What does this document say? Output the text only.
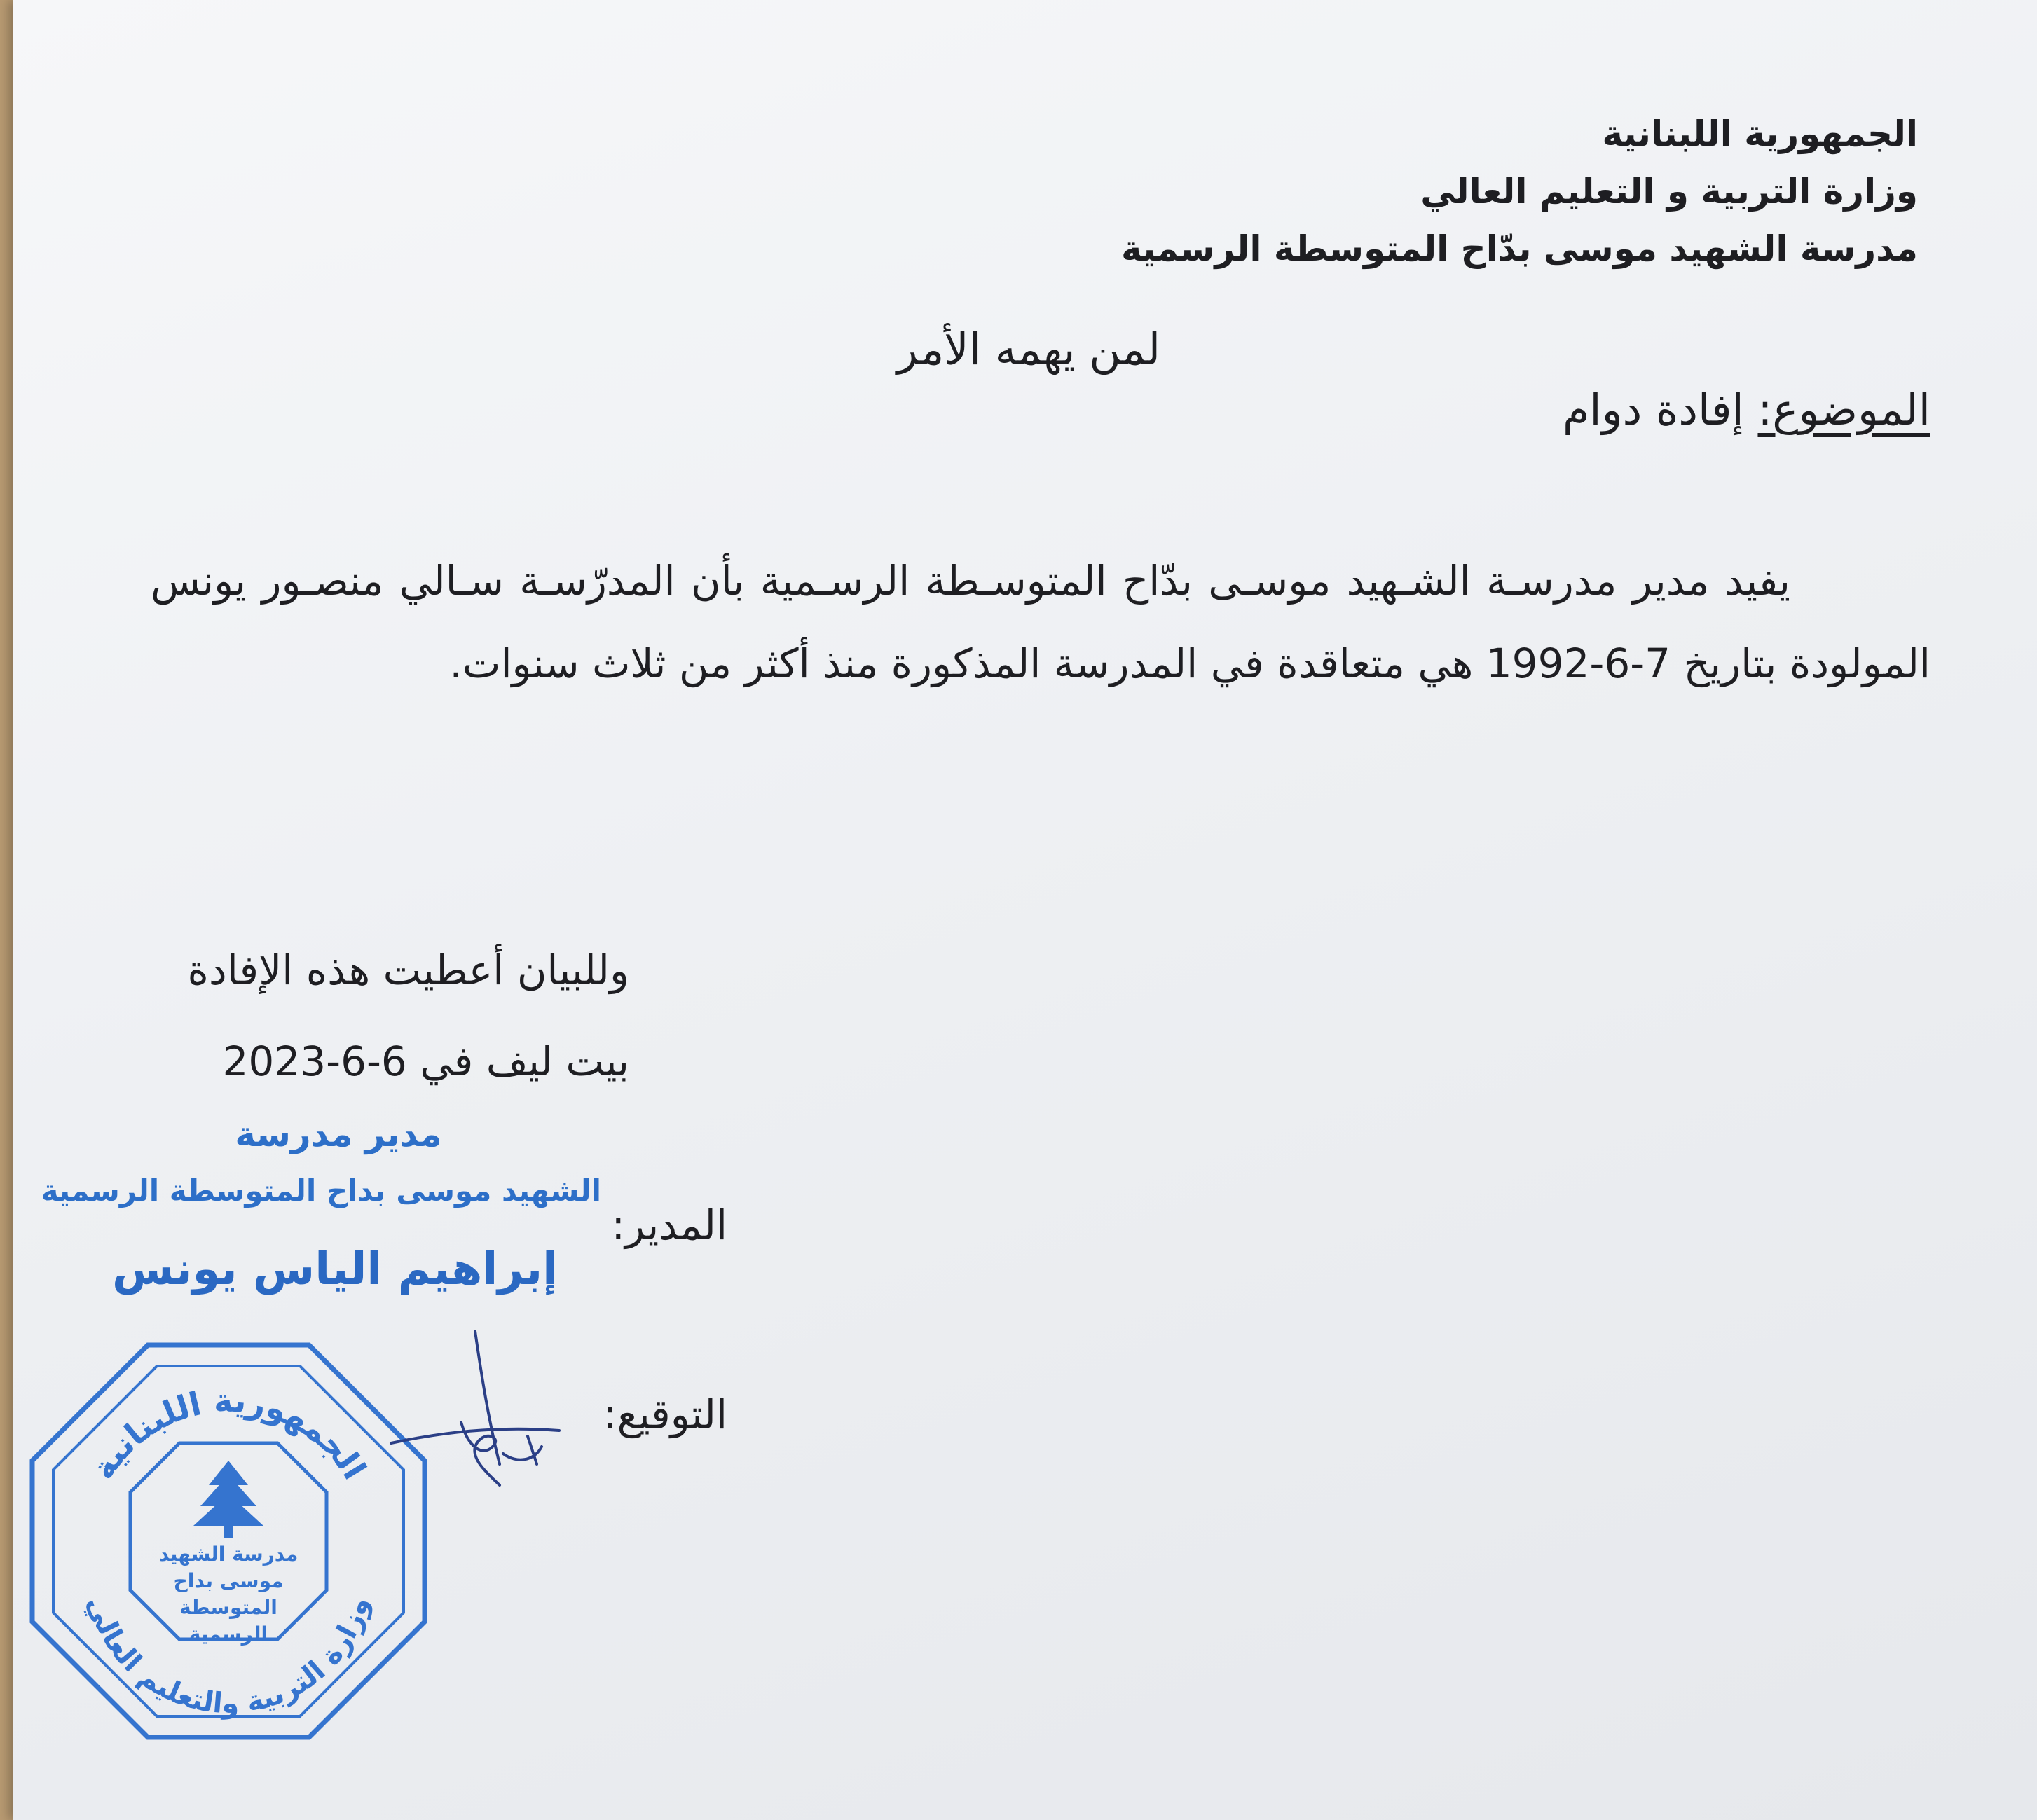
الجمهورية اللبنانية
وزارة التربية و التعليم العالي
مدرسة الشهيد موسى بدّاح المتوسطة الرسمية
لمن يهمه الأمر
الموضوع: إفادة دوام

يفيد مدير مدرسـة الشـهيد موسـى بدّاح المتوسـطة الرسـمية بأن المدرّسـة سـالي منصـور يونس المولودة بتاريخ 7-6-1992 هي متعاقدة في المدرسة المذكورة منذ أكثر من ثلاث سنوات.

وللبيان أعطيت هذه الإفادة
بيت ليف في 6-6-2023
مدير مدرسة
الشهيد موسى بداح المتوسطة الرسمية
إبراهيم الياس يونس
المدير:
التوقيع:
الجمهورية اللبنانية
وزارة التربية والتعليم العالي
مدرسة الشهيد موسى بداح المتوسطة الرسمية
